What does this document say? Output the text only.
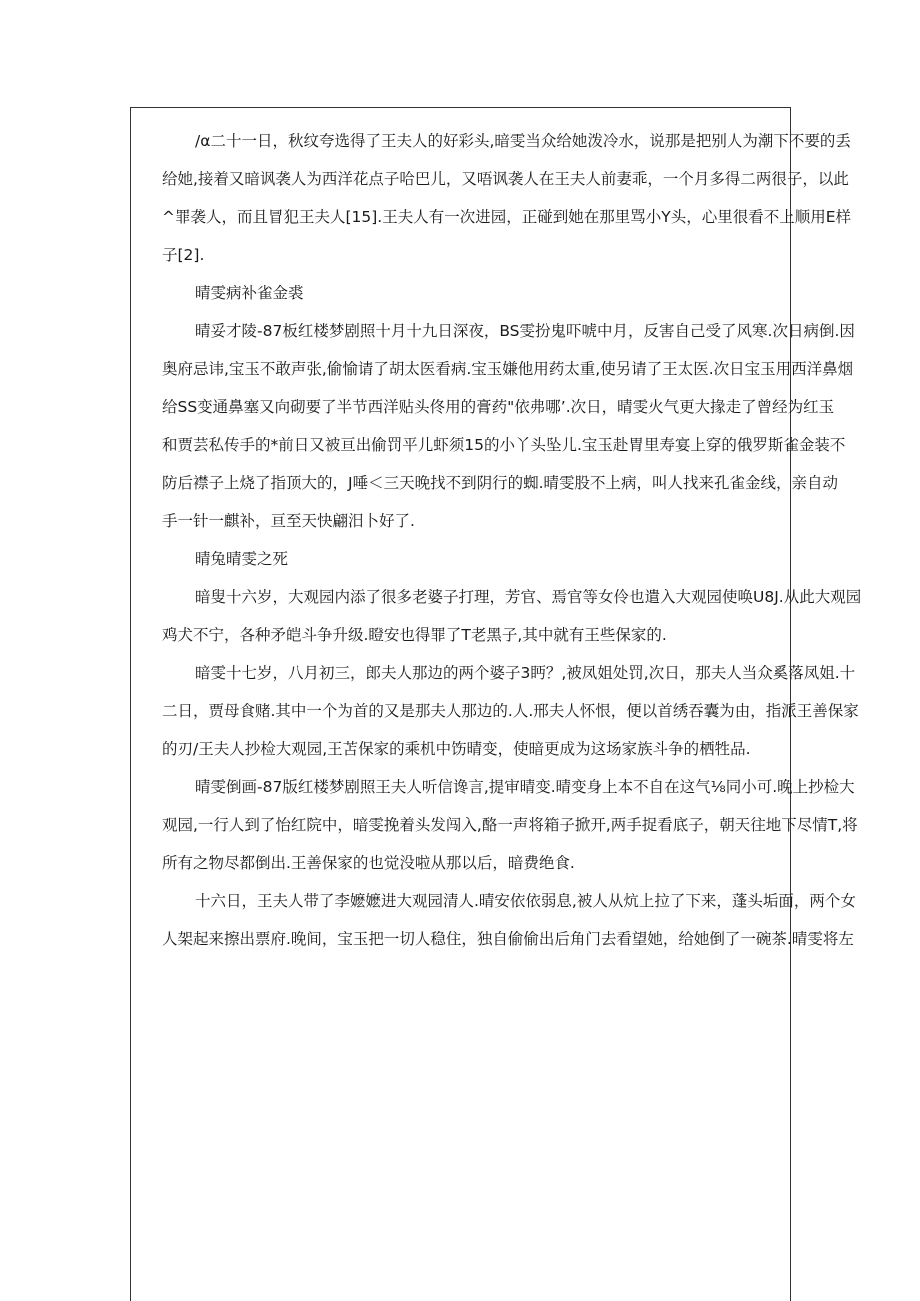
/α二十一日，秋纹夸选得了王夫人的好彩头,暗雯当众给她泼冷水，说那是把别人为潮下不要的丢
给她,接着又暗讽袭人为西洋花点子哈巴儿，又唔讽袭人在王夫人前妻乖，一个月多得二两很子，以此
^罪袭人，而且冒犯王夫人[15].王夫人有一次进园，正碰到她在那里骂小Y头，心里很看不上顺用E样
子[2].
晴雯病补雀金裘
晴妥才陵-87板红楼梦剧照十月十九日深夜，BS雯扮鬼吓唬中月，反害自己受了风寒.次日病倒.因
奥府忌讳,宝玉不敢声张,偷愉请了胡太医看病.宝玉嫌他用药太重,使另请了王太医.次日宝玉用西洋鼻烟
给SS变通鼻塞又向砌要了半节西洋贴头佟用的膏药"依弗哪’.次日，晴雯火气更大掾走了曾经为红玉
和贾芸私传手的*前日又被亘出偷罚平儿虾须15的小丫头坠儿.宝玉赴胃里寿宴上穿的俄罗斯雀金装不
防后襟子上烧了指顶大的，J唾＜三天晚找不到阴行的蜘.晴雯股不上病，叫人找来孔雀金线，亲自动
手一针一麒补，亘至天快翩汨卜好了.
晴兔晴雯之死
暗叟十六岁，大观园内添了很多老婆子打理，芳官、焉官等女伶也遣入大观园使唤U8J.从此大观园
鸡犬不宁，各种矛皑斗争升级.瞪安也得罪了T老黑子,其中就有王些保家的.
暗雯十七岁，八月初三，郎夫人那边的两个婆子3眄？,被凤姐处罚,次日，那夫人当众奚落凤姐.十
二日，贾母食赌.其中一个为首的又是那夫人那边的.人.邢夫人怀恨，便以首绣吞囊为由，指派王善保家
的刃/王夫人抄检大观园,王苫保家的乘机中饬晴变，使暗更成为这场家族斗争的栖牲品.
晴雯倒画-87版红楼梦剧照王夫人听信谗言,提审晴变.晴变身上本不自在这气⅛同小可.晚上抄检大
观园,一行人到了怡红院中，暗雯挽着头发闯入,酪一声将箱子掀开,两手捉看底子，朝天往地下尽情T,将
所有之物尽都倒出.王善保家的也觉没啦从那以后，暗费绝食.
十六日，王夫人带了李嬷嬷进大观园清人.晴安依依弱息,被人从炕上拉了下来，蓬头垢面，两个女
人架起来擦出票府.晚间，宝玉把一切人稳住，独自偷偷出后角门去看望她，给她倒了一碗茶.晴雯将左
